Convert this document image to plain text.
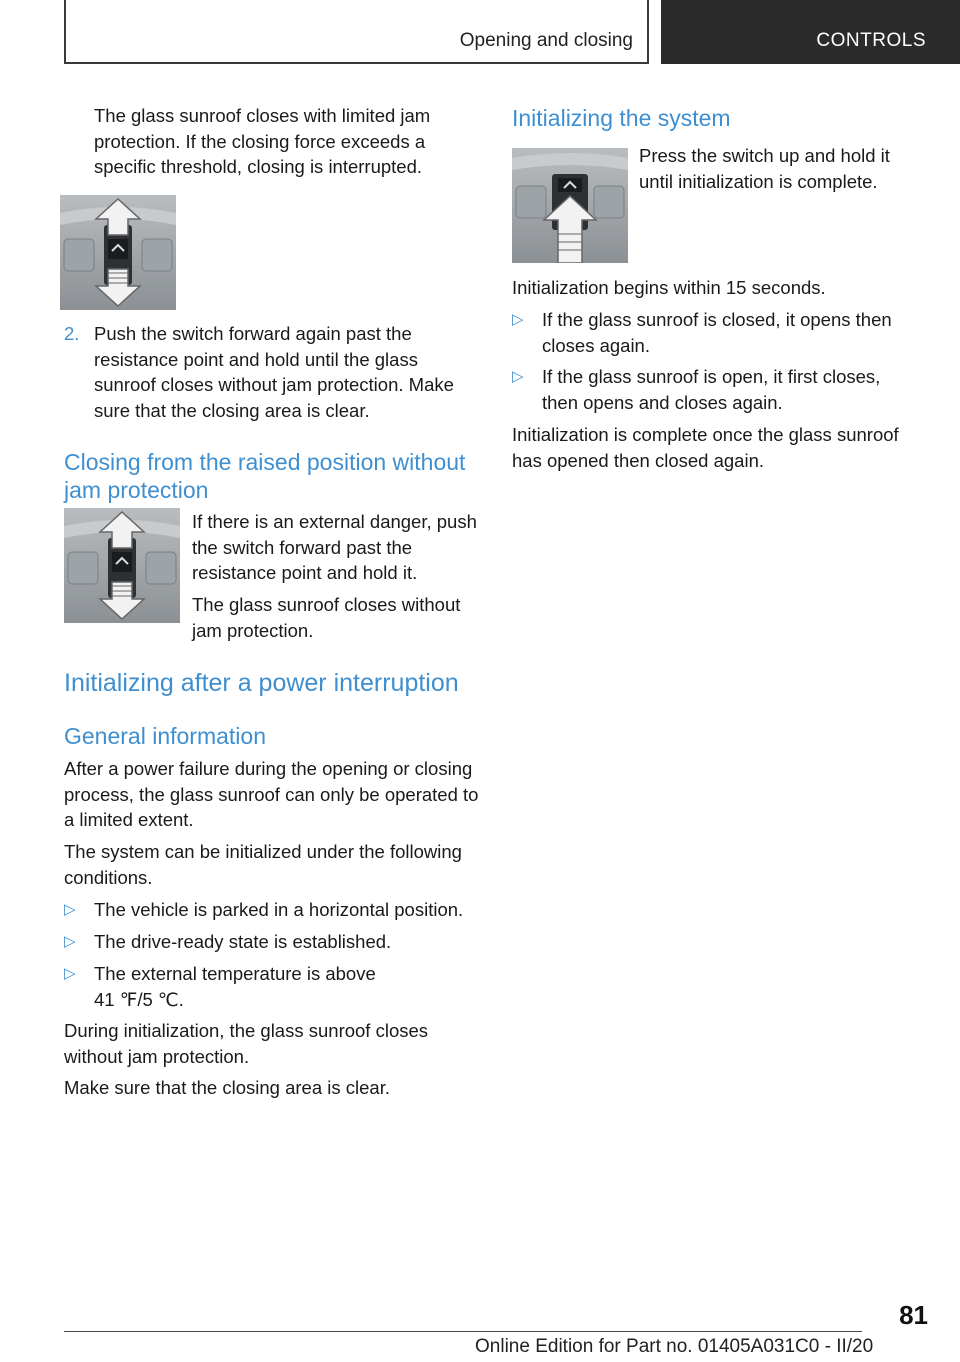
Opening and closing	CONTROLS

The glass sunroof closes with limited jam protection. If the closing force exceeds a specific threshold, closing is interrupted.

2. Push the switch forward again past the resistance point and hold until the glass sunroof closes without jam protection. Make sure that the closing area is clear.

Closing from the raised position without jam protection

If there is an external danger, push the switch forward past the resistance point and hold it.

The glass sunroof closes without jam protection.

Initializing after a power interruption
General information

After a power failure during the opening or closing process, the glass sunroof can only be operated to a limited extent.

The system can be initialized under the following conditions.

▷ The vehicle is parked in a horizontal position.

▷ The drive-ready state is established.

▷ The external temperature is above 41 ℉/5 ℃.

During initialization, the glass sunroof closes without jam protection.

Make sure that the closing area is clear.

Initializing the system

Press the switch up and hold it until initialization is complete.

Initialization begins within 15 seconds.

▷ If the glass sunroof is closed, it opens then closes again.

▷ If the glass sunroof is open, it first closes, then opens and closes again.

Initialization is complete once the glass sunroof has opened then closed again.

81
Online Edition for Part no. 01405A031C0 - II/20
